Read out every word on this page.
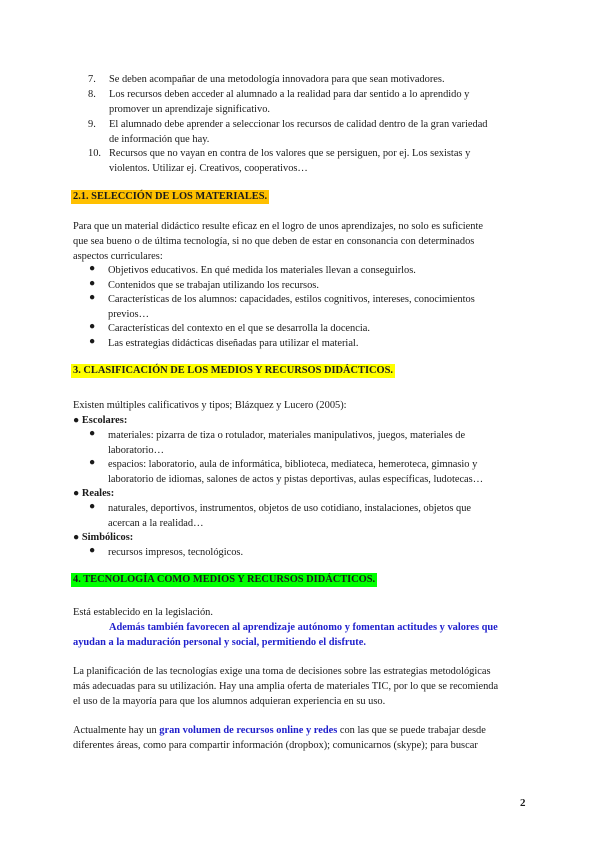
7. Se deben acompañar de una metodología innovadora para que sean motivadores.
8. Los recursos deben acceder al alumnado a la realidad para dar sentido a lo aprendido y
promover un aprendizaje significativo.
9. El alumnado debe aprender a seleccionar los recursos de calidad dentro de la gran variedad
de información que hay.
10. Recursos que no vayan en contra de los valores que se persiguen, por ej. Los sexistas y
violentos. Utilizar ej. Creativos, cooperativos…
2.1. SELECCIÓN DE LOS MATERIALES.
Para que un material didáctico resulte eficaz en el logro de unos aprendizajes, no solo es suficiente
que sea bueno o de última tecnología, si no que deben de estar en consonancia con determinados
aspectos curriculares:
●	Objetivos educativos. En qué medida los materiales llevan a conseguirlos.
●	Contenidos que se trabajan utilizando los recursos.
●	Características de los alumnos: capacidades, estilos cognitivos, intereses, conocimientos
previos…
●	Características del contexto en el que se desarrolla la docencia.
●	Las estrategias didácticas diseñadas para utilizar el material.
3. CLASIFICACIÓN DE LOS MEDIOS Y RECURSOS DIDÁCTICOS.
Existen múltiples calificativos y tipos; Blázquez y Lucero (2005):
● Escolares:
●	materiales: pizarra de tiza o rotulador, materiales manipulativos, juegos, materiales de
laboratorio…
●	espacios: laboratorio, aula de informática, biblioteca, mediateca, hemeroteca, gimnasio y
laboratorio de idiomas, salones de actos y pistas deportivas, aulas específicas, ludotecas…
● Reales:
●	naturales, deportivos, instrumentos, objetos de uso cotidiano, instalaciones, objetos que
acercan a la realidad…
● Simbólicos:
●	recursos impresos, tecnológicos.
4. TECNOLOGÍA COMO MEDIOS Y RECURSOS DIDÁCTICOS.
Está establecido en la legislación.
Además también favorecen al aprendizaje autónomo y fomentan actitudes y valores que
ayudan a la maduración personal y social, permitiendo el disfrute.
La planificación de las tecnologías exige una toma de decisiones sobre las estrategias metodológicas
más adecuadas para su utilización. Hay una amplia oferta de materiales TIC, por lo que se recomienda
el uso de la mayoría para que los alumnos adquieran experiencia en su uso.
Actualmente hay un gran volumen de recursos online y redes con las que se puede trabajar desde
diferentes áreas, como para compartir información (dropbox); comunicarnos (skype); para buscar
2
